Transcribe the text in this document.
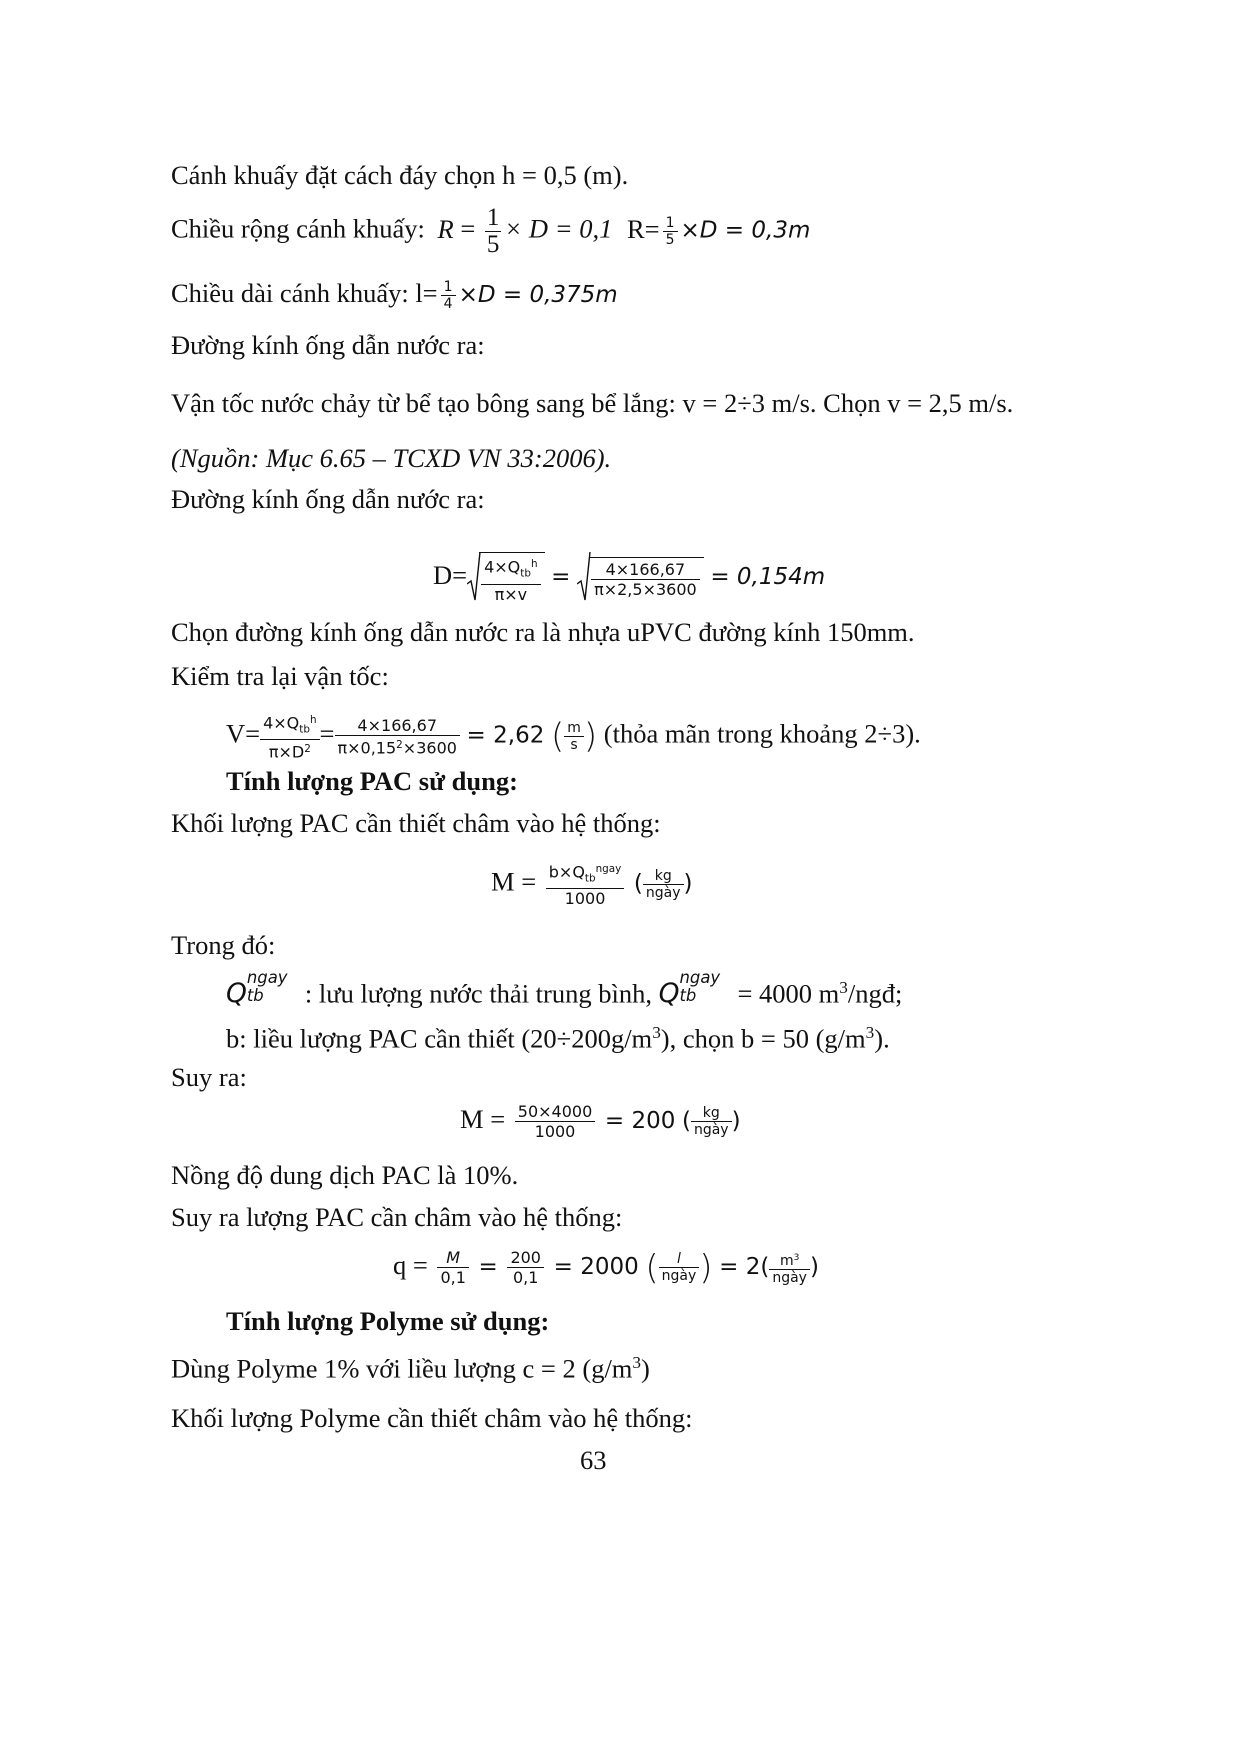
Cánh khuấy đặt cách đáy chọn h = 0,5 (m).
Chiều rộng cánh khuấy: $R = \frac{1}{5} \times D = 0,1$ $R= \frac{1}{5} \times D = 0,3m$
Chiều dài cánh khuấy: $l= \frac{1}{4} \times D = 0,375m$
Đường kính ống dẫn nước ra:
Vận tốc nước chảy từ bể tạo bông sang bể lắng: v = 2÷3 m/s. Chọn v = 2,5 m/s.
(Nguồn: Mục 6.65 – TCXD VN 33:2006).
Đường kính ống dẫn nước ra:
$D= \frac{4\times Q_{tb}^h}{\pi\times v} = \frac{4\times 166,67}{\pi\times 2,5\times 3600} = 0,154m$
Chọn đường kính ống dẫn nước ra là nhựa uPVC đường kính 150mm.
Kiểm tra lại vận tốc:
$V= \frac{4\times Q_{tb}^h}{\pi\times D^2} = \frac{4\times 166,67}{\pi\times 0,15^2\times 3600} = 2,62$ ( $\frac{m}{s}$ ) (thỏa mãn trong khoảng 2÷3).
Tính lượng PAC sử dụng:
Khối lượng PAC cần thiết châm vào hệ thống:
$M = \frac{b\times Q_{tb}^{ngay}}{1000}$ ( $\frac{kg}{\text{ngày}}$ )
Trong đó:
Q
ngay
tb : lưu lượng nước thải trung bình, Q
ngay
tb = 4000 $m^3$/ngđ;
b: liều lượng PAC cần thiết $(20\div 200g/m^3)$, chọn b = 50 $(g/m^3)$.
Suy ra:
$M = \frac{50\times 4000}{1000} = 200$ ( $\frac{kg}{\text{ngày}}$ )
Nồng độ dung dịch PAC là 10%.
Suy ra lượng PAC cần châm vào hệ thống:
$q = \frac{M}{0,1} = \frac{200}{0,1} = 2000$ ( $\frac{l}{\text{ngày}}$ ) = $2( \frac{m^3}{\text{ngày}}$ )
Tính lượng Polyme sử dụng:
Dùng Polyme 1% với liều lượng c = 2 $(g/m^3)$
Khối lượng Polyme cần thiết châm vào hệ thống:
63
